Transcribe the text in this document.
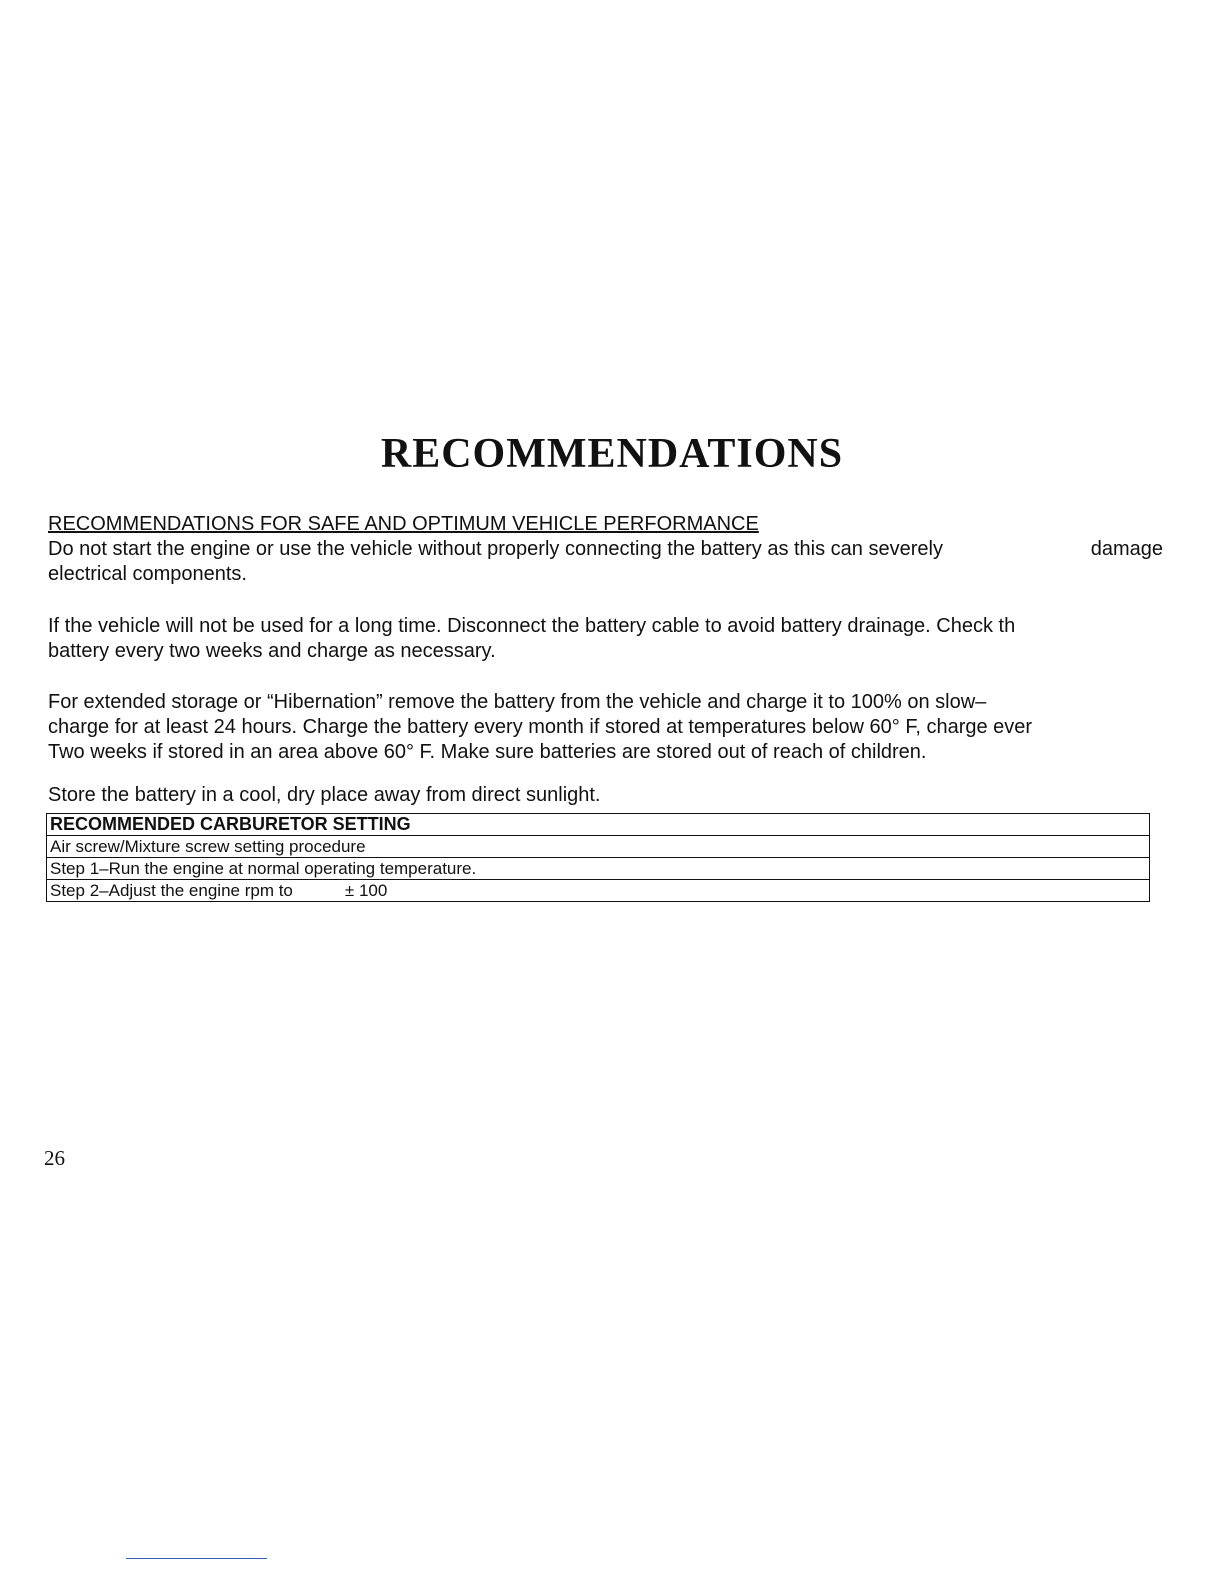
RECOMMENDATIONS

RECOMMENDATIONS FOR SAFE AND OPTIMUM VEHICLE PERFORMANCE

Do not start the engine or use the vehicle without properly connecting the battery as this can severely	damage
electrical components.
If the vehicle will not be used for a long time. Disconnect the battery cable to avoid battery drainage. Check th
battery every two weeks and charge as necessary.
For extended storage or “Hibernation” remove the battery from the vehicle and charge it to 100% on slow–
charge for at least 24 hours. Charge the battery every month if stored at temperatures below 60° F, charge ever
Two weeks if stored in an area above 60° F. Make sure batteries are stored out of reach of children.
Store the battery in a cool, dry place away from direct sunlight.
RECOMMENDED CARBURETOR SETTING
Air screw/Mixture screw setting procedure
Step 1–Run the engine at normal operating temperature.
Step 2–Adjust the engine rpm to	± 100

26
